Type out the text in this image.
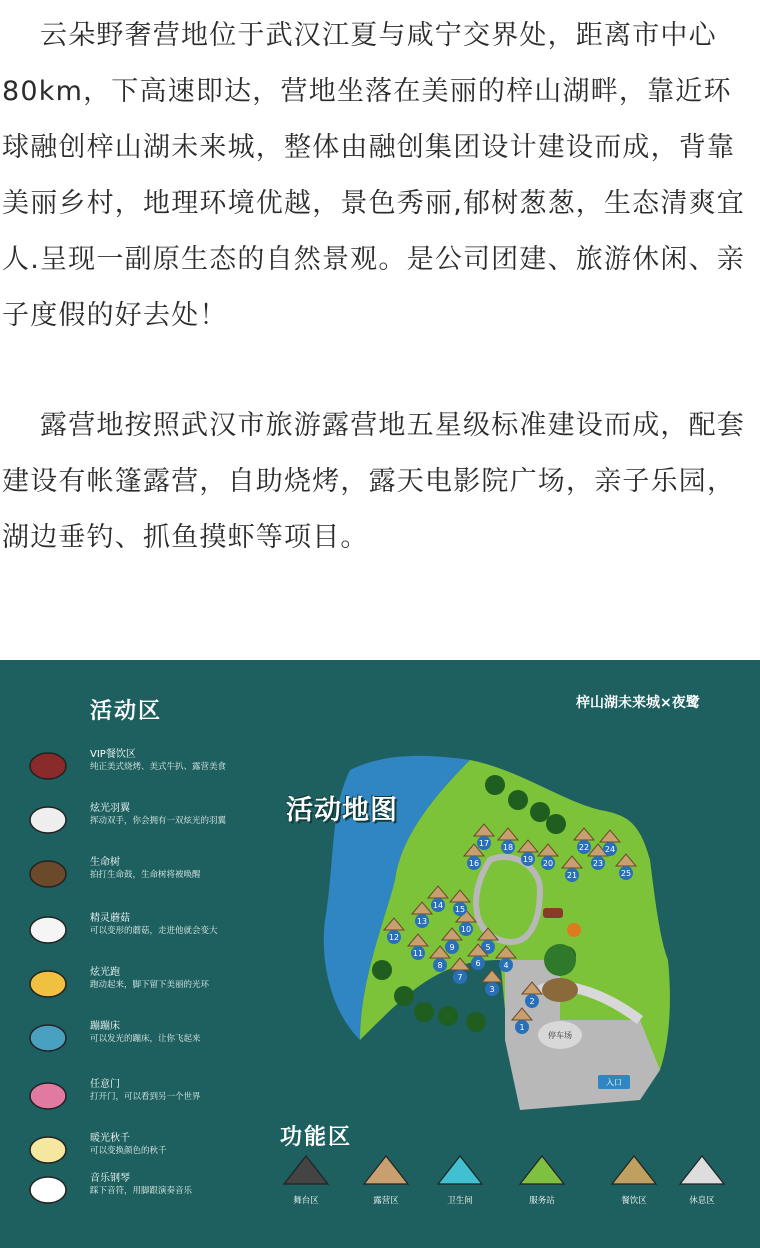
云朵野奢营地位于武汉江夏与咸宁交界处，距离市中心80km，下高速即达，营地坐落在美丽的梓山湖畔，靠近环球融创梓山湖未来城，整体由融创集团设计建设而成，背靠美丽乡村，地理环境优越，景色秀丽,郁树葱葱，生态清爽宜人.呈现一副原生态的自然景观。是公司团建、旅游休闲、亲子度假的好去处！

露营地按照武汉市旅游露营地五星级标准建设而成，配套建设有帐篷露营，自助烧烤，露天电影院广场，亲子乐园，湖边垂钓、抓鱼摸虾等项目。

活动区	梓山湖未来城×夜鹭
VIP餐饮区
纯正美式烧烤、美式牛扒、露营美食
炫光羽翼
挥动双手，你会拥有一双炫光的羽翼
生命树
拍打生命鼓，生命树将被唤醒
精灵蘑菇
可以变形的蘑菇，走进他就会变大
炫光跑
跑动起来，脚下留下美丽的光环
蹦蹦床
可以发光的蹦床，让你飞起来
任意门
打开门，可以看到另一个世界
暖光秋千
可以变换颜色的秋千
音乐钢琴
踩下音符，用脚跟演奏音乐
停车场
入口
1
2
3
4
5
6
7
8
9
10
11
12
13
14 15
16
17 18
19 20
21
22
23
24
25
活动地图
功能区
舞台区	露营区	卫生间	服务站	餐饮区	休息区
